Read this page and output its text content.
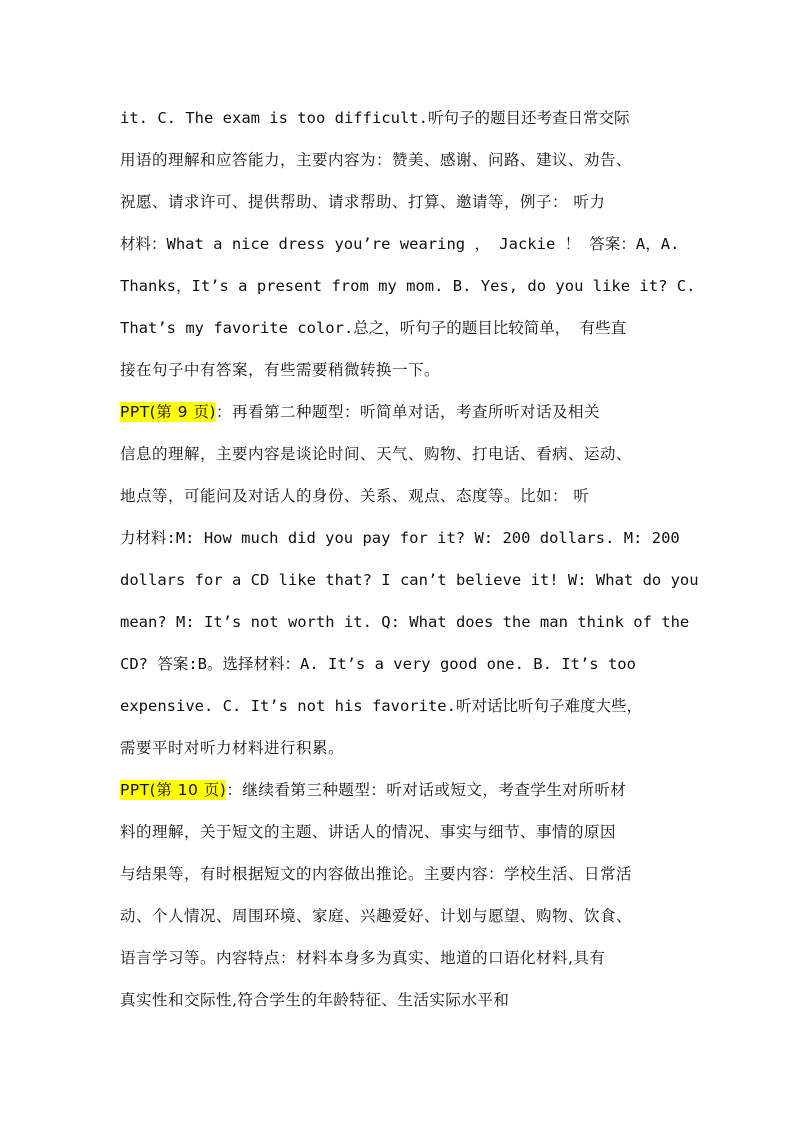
it. C. The exam is too difficult.听句子的题目还考查日常交际
用语的理解和应答能力，主要内容为：赞美、感谢、问路、建议、劝告、
祝愿、请求许可、提供帮助、请求帮助、打算、邀请等，例子： 听力
材料：What a nice dress you’re wearing ， Jackie ！ 答案：A，A.
Thanks，It’s a present from my mom. B. Yes, do you like it? C.
That’s my favorite color.总之，听句子的题目比较简单， 有些直
接在句子中有答案，有些需要稍微转换一下。
PPT(第 9 页)：再看第二种题型：听简单对话，考查所听对话及相关
信息的理解，主要内容是谈论时间、天气、购物、打电话、看病、运动、
地点等，可能问及对话人的身份、关系、观点、态度等。比如： 听
力材料:M: How much did you pay for it? W: 200 dollars. M: 200
dollars for a CD like that? I can’t believe it! W: What do you
mean? M: It’s not worth it. Q: What does the man think of the
CD? 答案:B。选择材料：A. It’s a very good one. B. It’s too
expensive. C. It’s not his favorite.听对话比听句子难度大些，
需要平时对听力材料进行积累。
PPT(第 10 页)：继续看第三种题型：听对话或短文，考查学生对所听材
料的理解，关于短文的主题、讲话人的情况、事实与细节、事情的原因
与结果等，有时根据短文的内容做出推论。主要内容：学校生活、日常活
动、个人情况、周围环境、家庭、兴趣爱好、计划与愿望、购物、饮食、
语言学习等。内容特点：材料本身多为真实、地道的口语化材料,具有
真实性和交际性,符合学生的年龄特征、生活实际水平和
